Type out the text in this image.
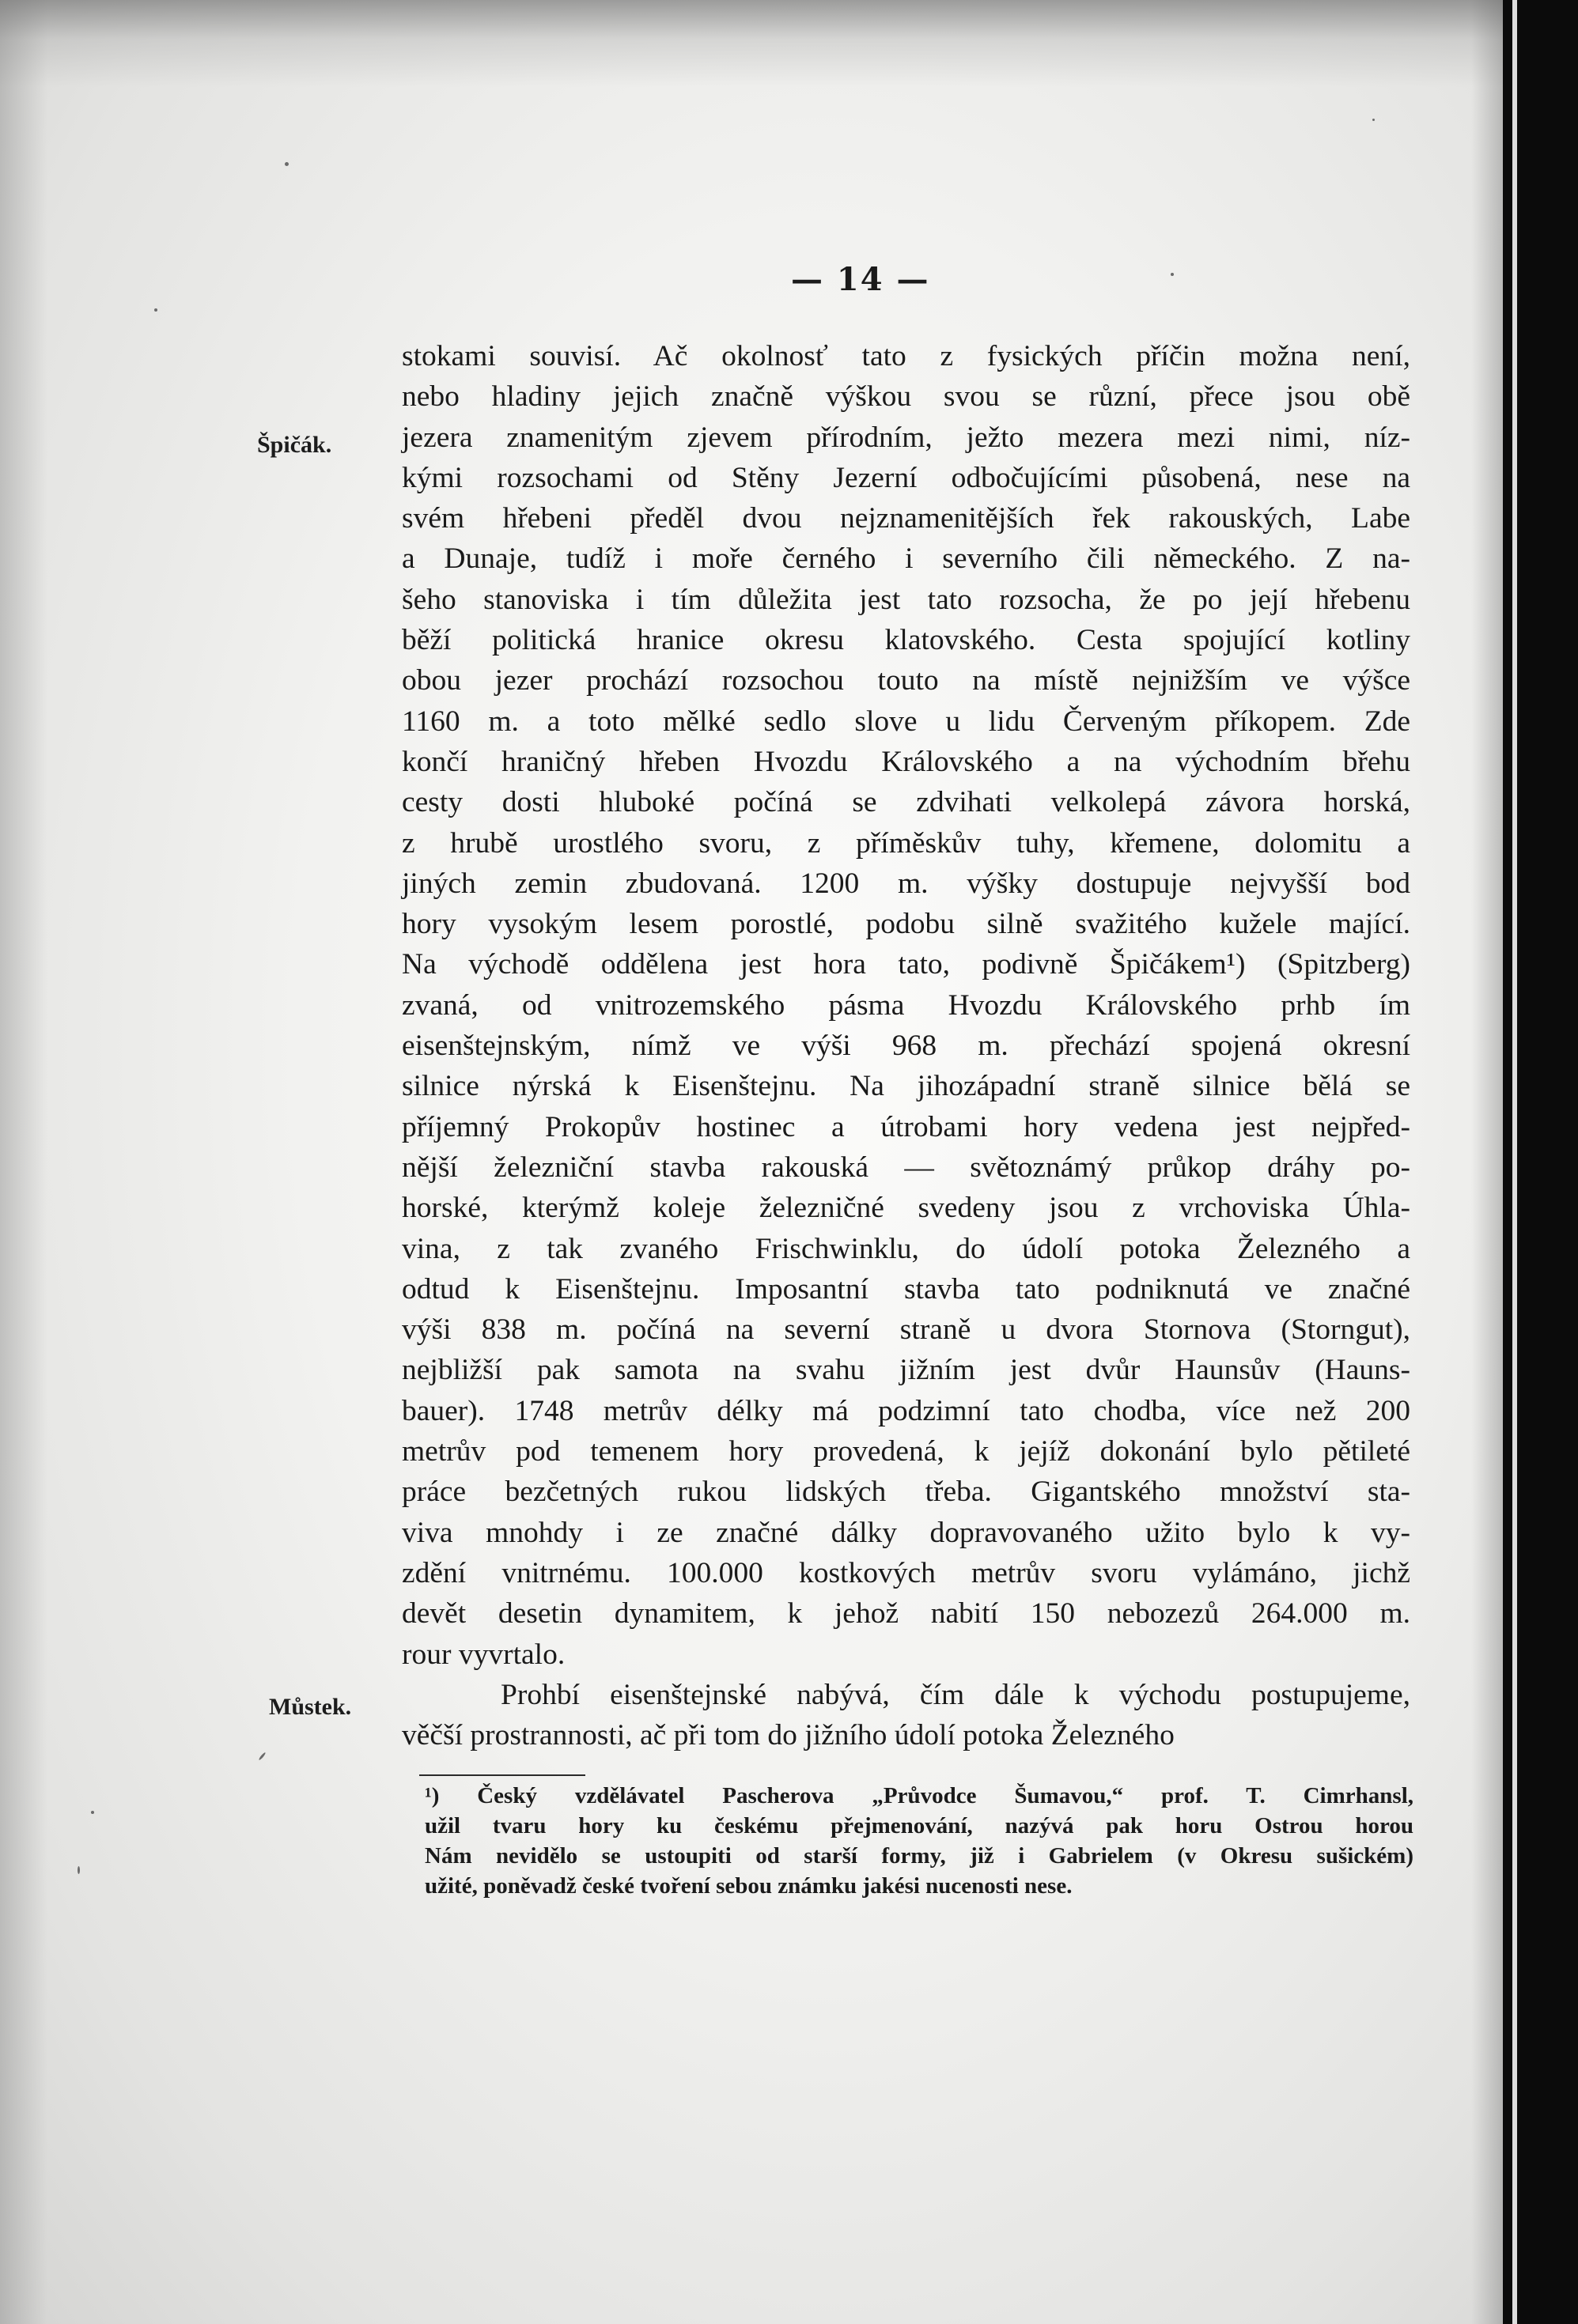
— 14 —
Špičák.
Můstek.
stokami souvisí. Ač okolnosť tato z fysických příčin možna není,
nebo hladiny jejich značně výškou svou se různí, přece jsou obě
jezera znamenitým zjevem přírodním, ježto mezera mezi nimi, níz-
kými rozsochami od Stěny Jezerní odbočujícími působená, nese na
svém hřebeni předěl dvou nejznamenitějších řek rakouských, Labe
a Dunaje, tudíž i moře černého i severního čili německého. Z na-
šeho stanoviska i tím důležita jest tato rozsocha, že po její hřebenu
běží politická hranice okresu klatovského. Cesta spojující kotliny
obou jezer prochází rozsochou touto na místě nejnižším ve výšce
1160 m. a toto mělké sedlo slove u lidu Červeným příkopem. Zde
končí hraničný hřeben Hvozdu Královského a na východním břehu
cesty dosti hluboké počíná se zdvihati velkolepá závora horská,
z hrubě urostlého svoru, z příměskův tuhy, křemene, dolomitu a
jiných zemin zbudovaná. 1200 m. výšky dostupuje nejvyšší bod
hory vysokým lesem porostlé, podobu silně svažitého kužele mající.
Na východě oddělena jest hora tato, podivně Špičákem¹) (Spitzberg)
zvaná, od vnitrozemského pásma Hvozdu Královského prhb ím
eisenštejnským, nímž ve výši 968 m. přechází spojená okresní
silnice nýrská k Eisenštejnu. Na jihozápadní straně silnice bělá se
příjemný Prokopův hostinec a útrobami hory vedena jest nejpřed-
nější železniční stavba rakouská — světoznámý průkop dráhy po-
horské, kterýmž koleje železničné svedeny jsou z vrchoviska Úhla-
vina, z tak zvaného Frischwinklu, do údolí potoka Železného a
odtud k Eisenštejnu. Imposantní stavba tato podniknutá ve značné
výši 838 m. počíná na severní straně u dvora Stornova (Storngut),
nejbližší pak samota na svahu jižním jest dvůr Haunsův (Hauns-
bauer). 1748 metrův délky má podzimní tato chodba, více než 200
metrův pod temenem hory provedená, k jejíž dokonání bylo pětileté
práce bezčetných rukou lidských třeba. Gigantského množství sta-
viva mnohdy i ze značné dálky dopravovaného užito bylo k vy-
zdění vnitrnému. 100.000 kostkových metrův svoru vylámáno, jichž
devět desetin dynamitem, k jehož nabití 150 nebozezů 264.000 m.
rour vyvrtalo.
Prohbí eisenštejnské nabývá, čím dále k východu postupujeme,
věčší prostrannosti, ač při tom do jižního údolí potoka Železného
¹) Český vzdělávatel Pascherova „Průvodce Šumavou,“ prof. T. Cimrhansl,
užil tvaru hory ku českému přejmenování, nazývá pak horu Ostrou horou
Nám nevidělo se ustoupiti od starší formy, již i Gabrielem (v Okresu sušickém)
užité, poněvadž české tvoření sebou známku jakési nucenosti nese.
